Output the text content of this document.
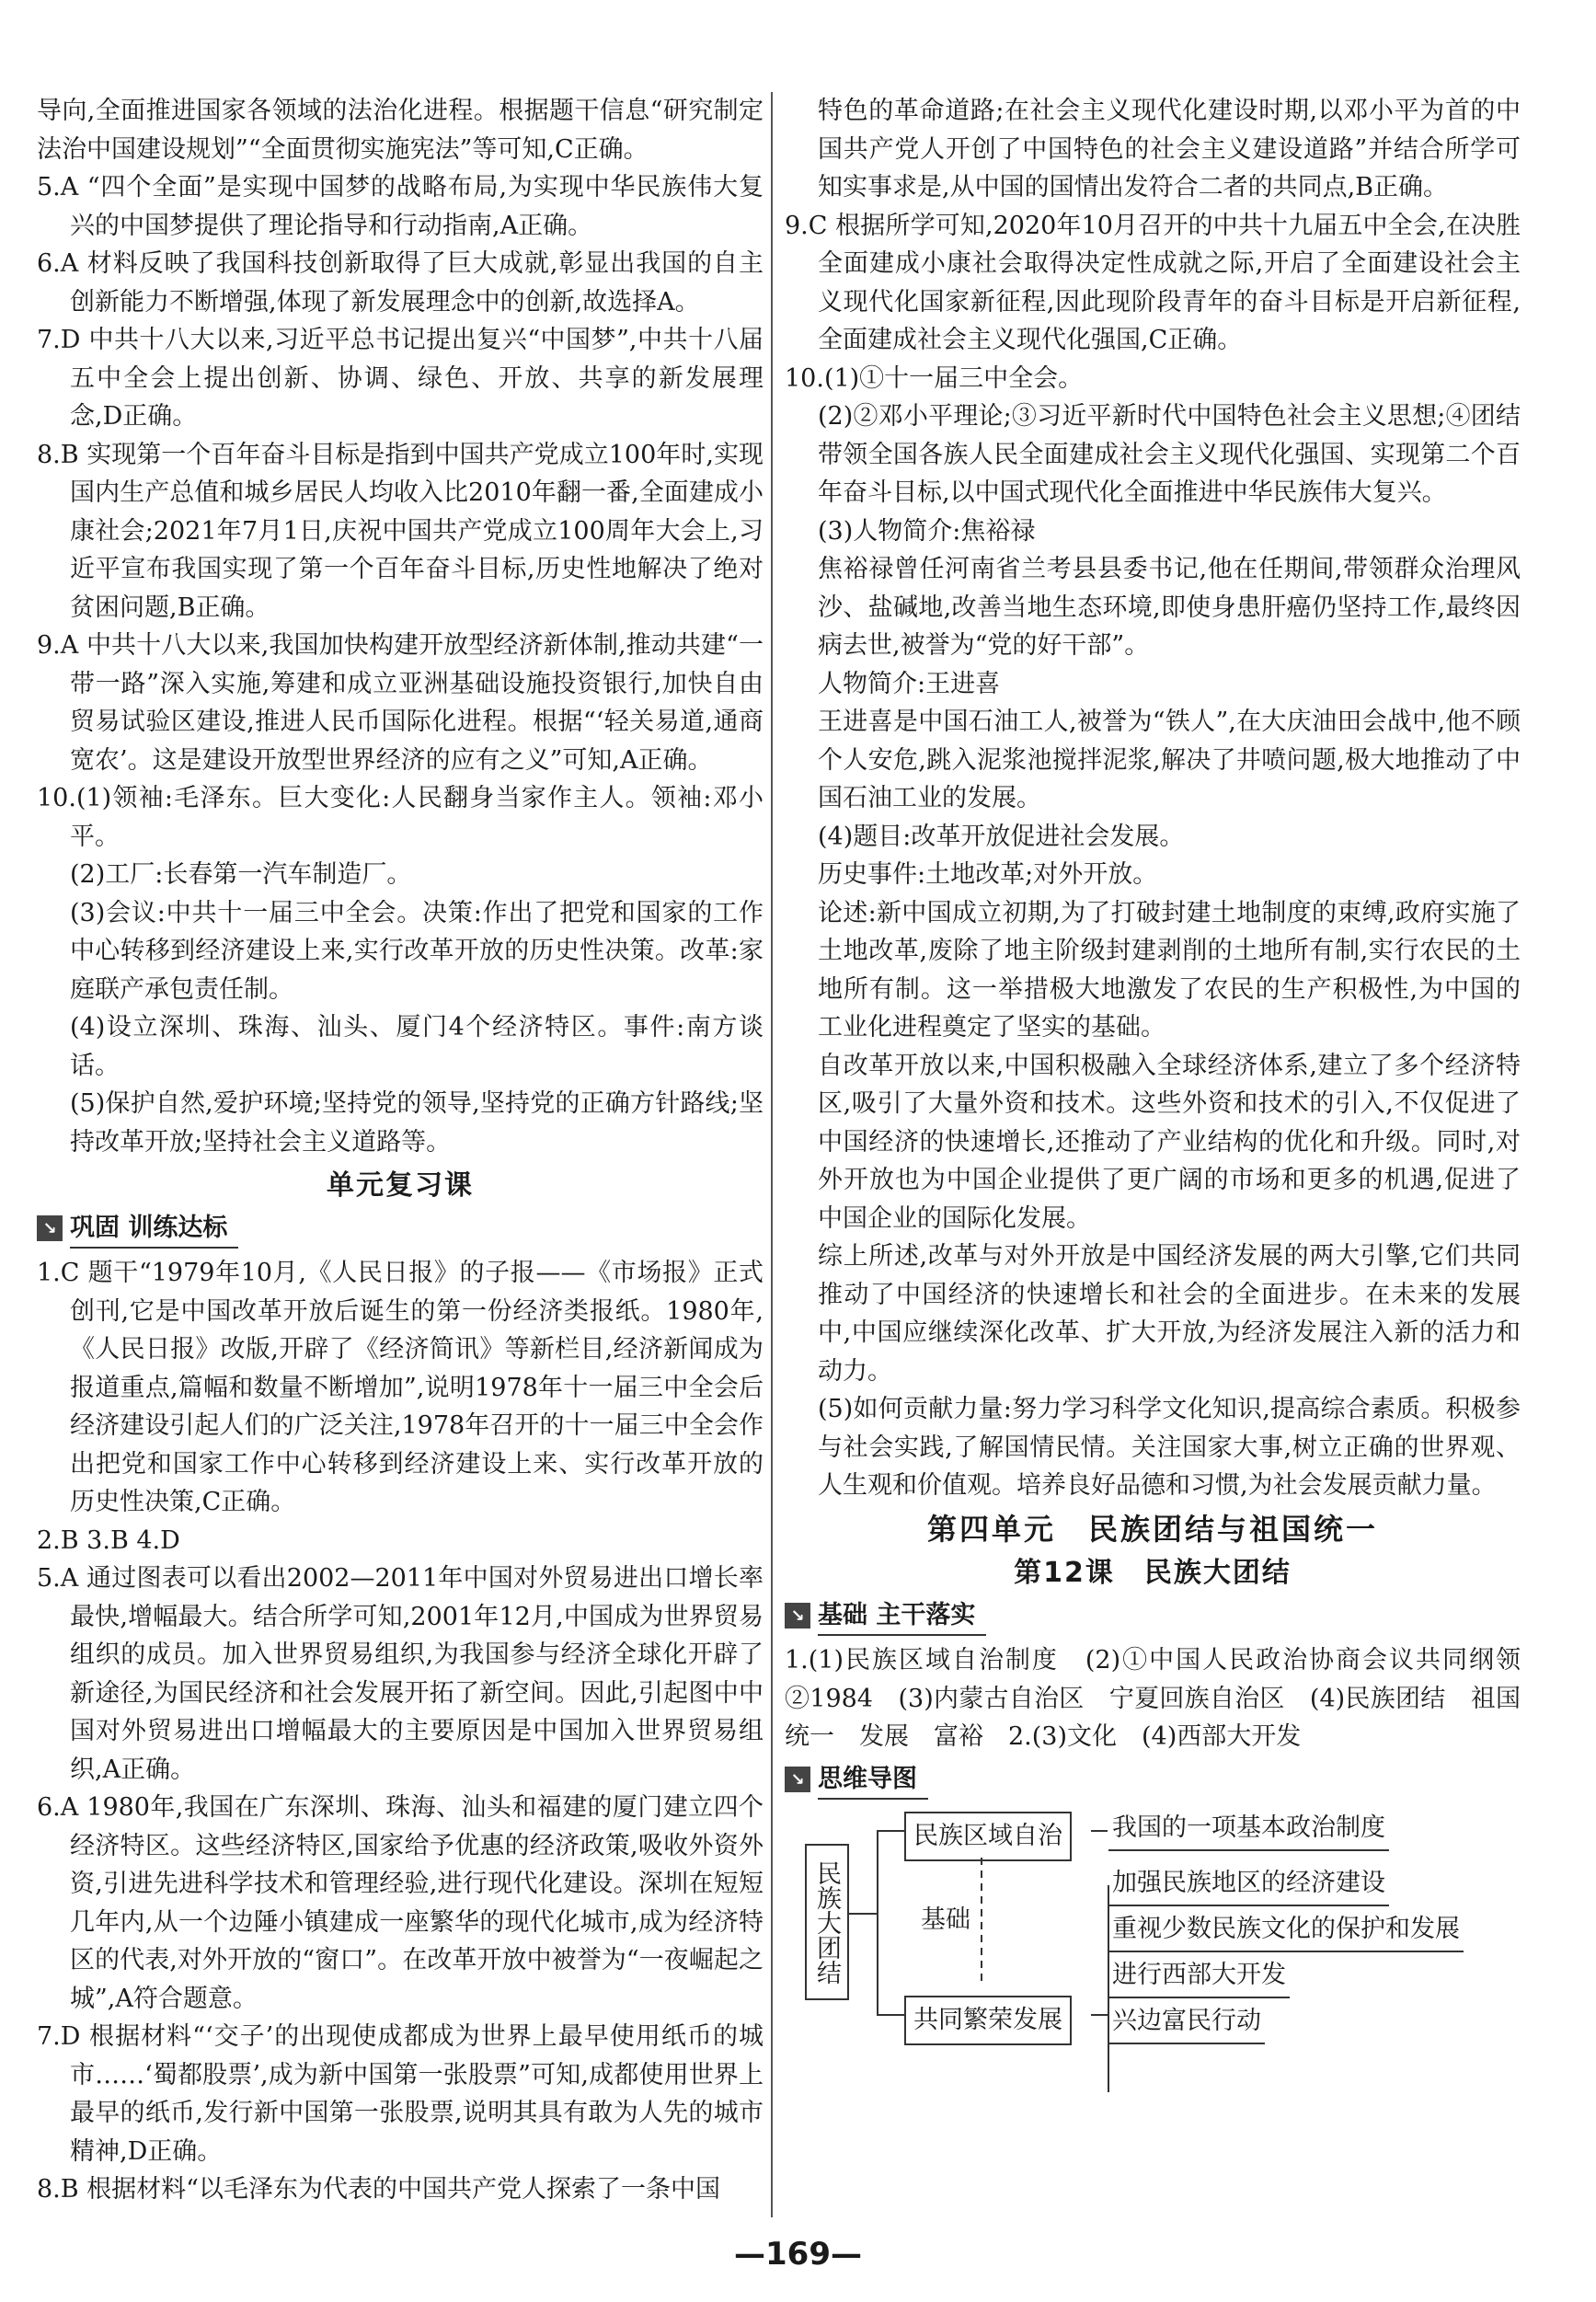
导向,全面推进国家各领域的法治化进程。根据题干信息“研究制定法治中国建设规划”“全面贯彻实施宪法”等可知,C正确。

5.A “四个全面”是实现中国梦的战略布局,为实现中华民族伟大复兴的中国梦提供了理论指导和行动指南,A正确。

6.A 材料反映了我国科技创新取得了巨大成就,彰显出我国的自主创新能力不断增强,体现了新发展理念中的创新,故选择A。

7.D 中共十八大以来,习近平总书记提出复兴“中国梦”,中共十八届五中全会上提出创新、协调、绿色、开放、共享的新发展理念,D正确。

8.B 实现第一个百年奋斗目标是指到中国共产党成立100年时,实现国内生产总值和城乡居民人均收入比2010年翻一番,全面建成小康社会;2021年7月1日,庆祝中国共产党成立100周年大会上,习近平宣布我国实现了第一个百年奋斗目标,历史性地解决了绝对贫困问题,B正确。

9.A 中共十八大以来,我国加快构建开放型经济新体制,推动共建“一带一路”深入实施,筹建和成立亚洲基础设施投资银行,加快自由贸易试验区建设,推进人民币国际化进程。根据“‘轻关易道,通商宽农’。这是建设开放型世界经济的应有之义”可知,A正确。

10.(1)领袖:毛泽东。巨大变化:人民翻身当家作主人。领袖:邓小平。

(2)工厂:长春第一汽车制造厂。

(3)会议:中共十一届三中全会。决策:作出了把党和国家的工作中心转移到经济建设上来,实行改革开放的历史性决策。改革:家庭联产承包责任制。

(4)设立深圳、珠海、汕头、厦门4个经济特区。事件:南方谈话。

(5)保护自然,爱护环境;坚持党的领导,坚持党的正确方针路线;坚持改革开放;坚持社会主义道路等。

单元复习课
↘ 巩固 训练达标

1.C 题干“1979年10月,《人民日报》的子报——《市场报》正式创刊,它是中国改革开放后诞生的第一份经济类报纸。1980年,《人民日报》改版,开辟了《经济简讯》等新栏目,经济新闻成为报道重点,篇幅和数量不断增加”,说明1978年十一届三中全会后经济建设引起人们的广泛关注,1978年召开的十一届三中全会作出把党和国家工作中心转移到经济建设上来、实行改革开放的历史性决策,C正确。

2.B 3.B 4.D

5.A 通过图表可以看出2002—2011年中国对外贸易进出口增长率最快,增幅最大。结合所学可知,2001年12月,中国成为世界贸易组织的成员。加入世界贸易组织,为我国参与经济全球化开辟了新途径,为国民经济和社会发展开拓了新空间。因此,引起图中中国对外贸易进出口增幅最大的主要原因是中国加入世界贸易组织,A正确。

6.A 1980年,我国在广东深圳、珠海、汕头和福建的厦门建立四个经济特区。这些经济特区,国家给予优惠的经济政策,吸收外资外资,引进先进科学技术和管理经验,进行现代化建设。深圳在短短几年内,从一个边陲小镇建成一座繁华的现代化城市,成为经济特区的代表,对外开放的“窗口”。在改革开放中被誉为“一夜崛起之城”,A符合题意。

7.D 根据材料“‘交子’的出现使成都成为世界上最早使用纸币的城市……‘蜀都股票’,成为新中国第一张股票”可知,成都使用世界上最早的纸币,发行新中国第一张股票,说明其具有敢为人先的城市精神,D正确。

8.B 根据材料“以毛泽东为代表的中国共产党人探索了一条中国

特色的革命道路;在社会主义现代化建设时期,以邓小平为首的中国共产党人开创了中国特色的社会主义建设道路”并结合所学可知实事求是,从中国的国情出发符合二者的共同点,B正确。

9.C 根据所学可知,2020年10月召开的中共十九届五中全会,在决胜全面建成小康社会取得决定性成就之际,开启了全面建设社会主义现代化国家新征程,因此现阶段青年的奋斗目标是开启新征程,全面建成社会主义现代化强国,C正确。

10.(1)①十一届三中全会。

(2)②邓小平理论;③习近平新时代中国特色社会主义思想;④团结带领全国各族人民全面建成社会主义现代化强国、实现第二个百年奋斗目标,以中国式现代化全面推进中华民族伟大复兴。

(3)人物简介:焦裕禄

焦裕禄曾任河南省兰考县县委书记,他在任期间,带领群众治理风沙、盐碱地,改善当地生态环境,即使身患肝癌仍坚持工作,最终因病去世,被誉为“党的好干部”。

人物简介:王进喜

王进喜是中国石油工人,被誉为“铁人”,在大庆油田会战中,他不顾个人安危,跳入泥浆池搅拌泥浆,解决了井喷问题,极大地推动了中国石油工业的发展。

(4)题目:改革开放促进社会发展。

历史事件:土地改革;对外开放。

论述:新中国成立初期,为了打破封建土地制度的束缚,政府实施了土地改革,废除了地主阶级封建剥削的土地所有制,实行农民的土地所有制。这一举措极大地激发了农民的生产积极性,为中国的工业化进程奠定了坚实的基础。

自改革开放以来,中国积极融入全球经济体系,建立了多个经济特区,吸引了大量外资和技术。这些外资和技术的引入,不仅促进了中国经济的快速增长,还推动了产业结构的优化和升级。同时,对外开放也为中国企业提供了更广阔的市场和更多的机遇,促进了中国企业的国际化发展。

综上所述,改革与对外开放是中国经济发展的两大引擎,它们共同推动了中国经济的快速增长和社会的全面进步。在未来的发展中,中国应继续深化改革、扩大开放,为经济发展注入新的活力和动力。

(5)如何贡献力量:努力学习科学文化知识,提高综合素质。积极参与社会实践,了解国情民情。关注国家大事,树立正确的世界观、人生观和价值观。培养良好品德和习惯,为社会发展贡献力量。

第四单元　民族团结与祖国统一
第12课　民族大团结
↘ 基础 主干落实

1.(1)民族区域自治制度　(2)①中国人民政治协商会议共同纲领　②1984　(3)内蒙古自治区　宁夏回族自治区　(4)民族团结　祖国统一　发展　富裕　2.(3)文化　(4)西部大开发

↘ 思维导图
民族大团结
民族区域自治	我国的一项基本政治制度
基础
共同繁荣发展
加强民族地区的经济建设
重视少数民族文化的保护和发展
进行西部大开发
兴边富民行动
—169—
